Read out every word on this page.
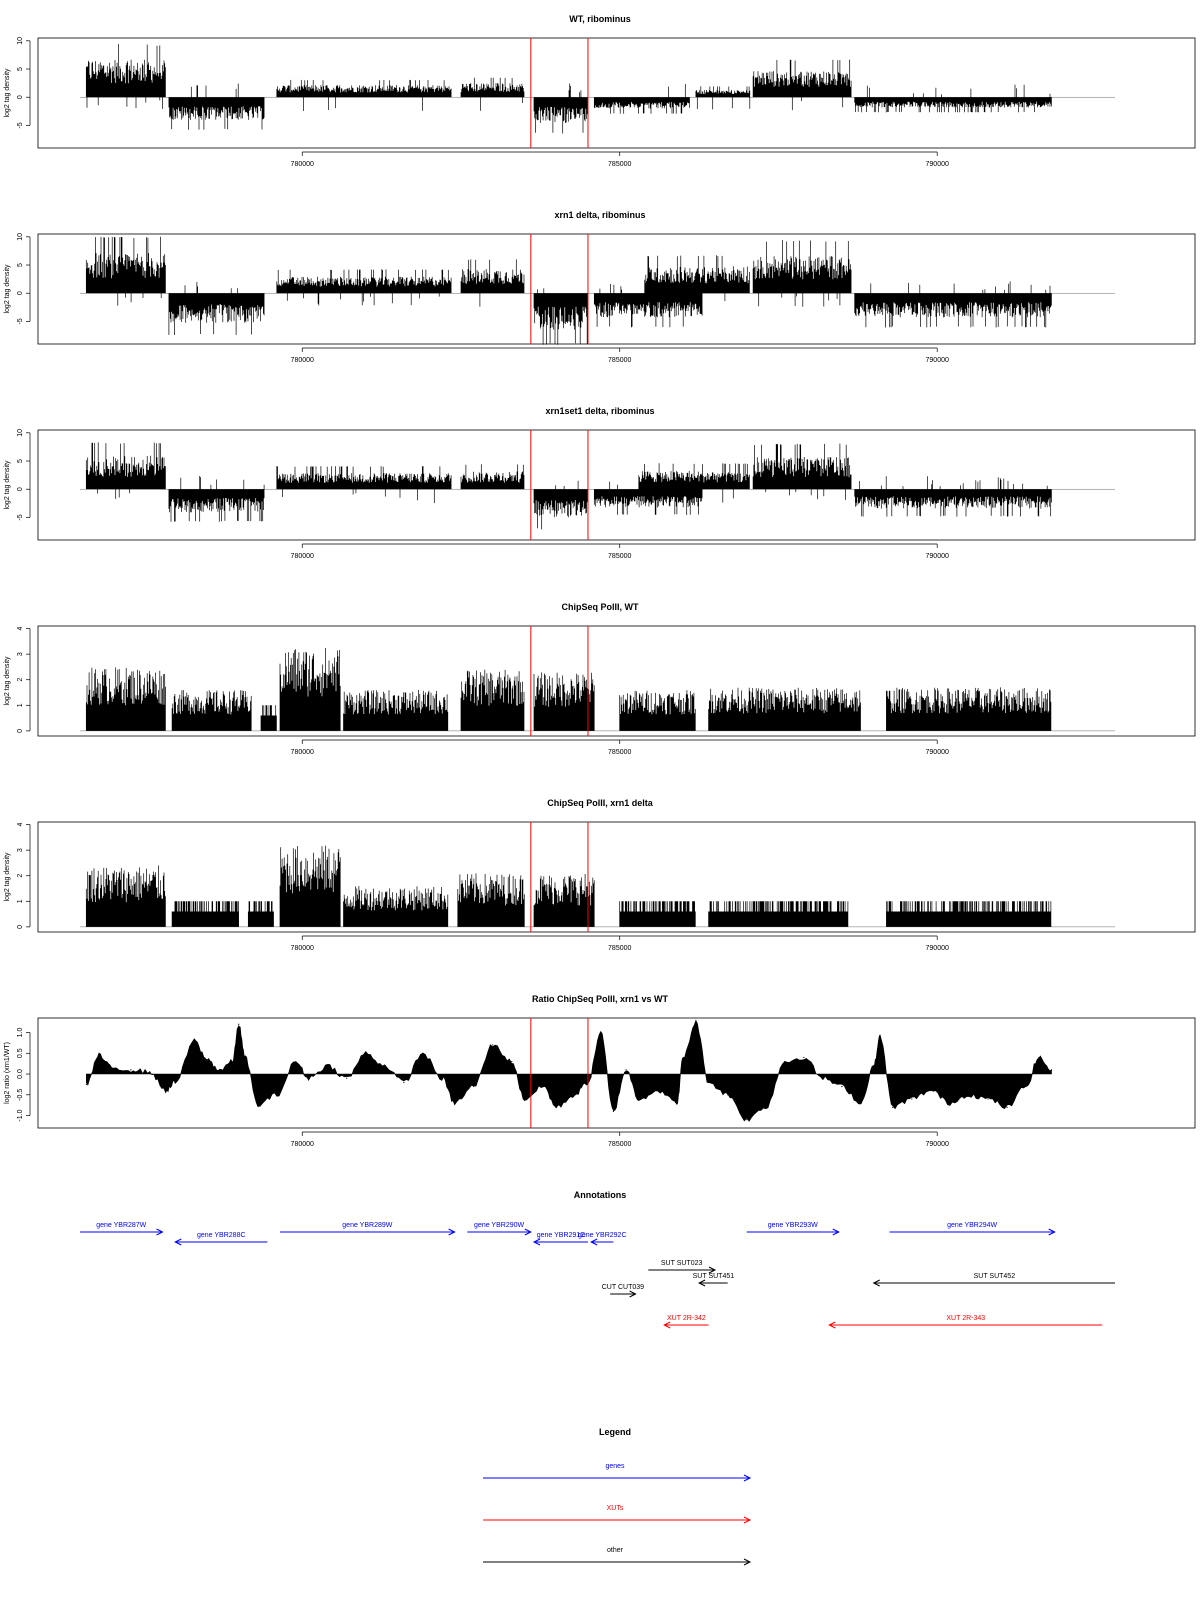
WT, ribominus
-5
0
5
10
log2 tag density
780000	785000	790000
xrn1 delta, ribominus
-5
0
5
10
log2 tag density
780000	785000	790000
xrn1set1 delta, ribominus
-5
0
5
10
log2 tag density
780000	785000	790000
ChipSeq PolII, WT
0
1
2
3
4
log2 tag density
780000	785000	790000
ChipSeq PolII, xrn1 delta
0
1
2
3
4
log2 tag density
780000	785000	790000
Ratio ChipSeq PolII, xrn1 vs WT
-1.0
-0.5
0.0
0.5
1.0
log2 ratio (xrn1/WT)
780000	785000	790000
Annotations
gene YBR287W
gene YBR288C
gene YBR289W	gene YBR290W
gene YBR291C
gene YBR292C
gene YBR293W	gene YBR294W
SUT SUT023
SUT SUT451	SUT SUT452
CUT CUT039
XUT 2R-342	XUT 2R-343
Legend
genes
XUTs
other
